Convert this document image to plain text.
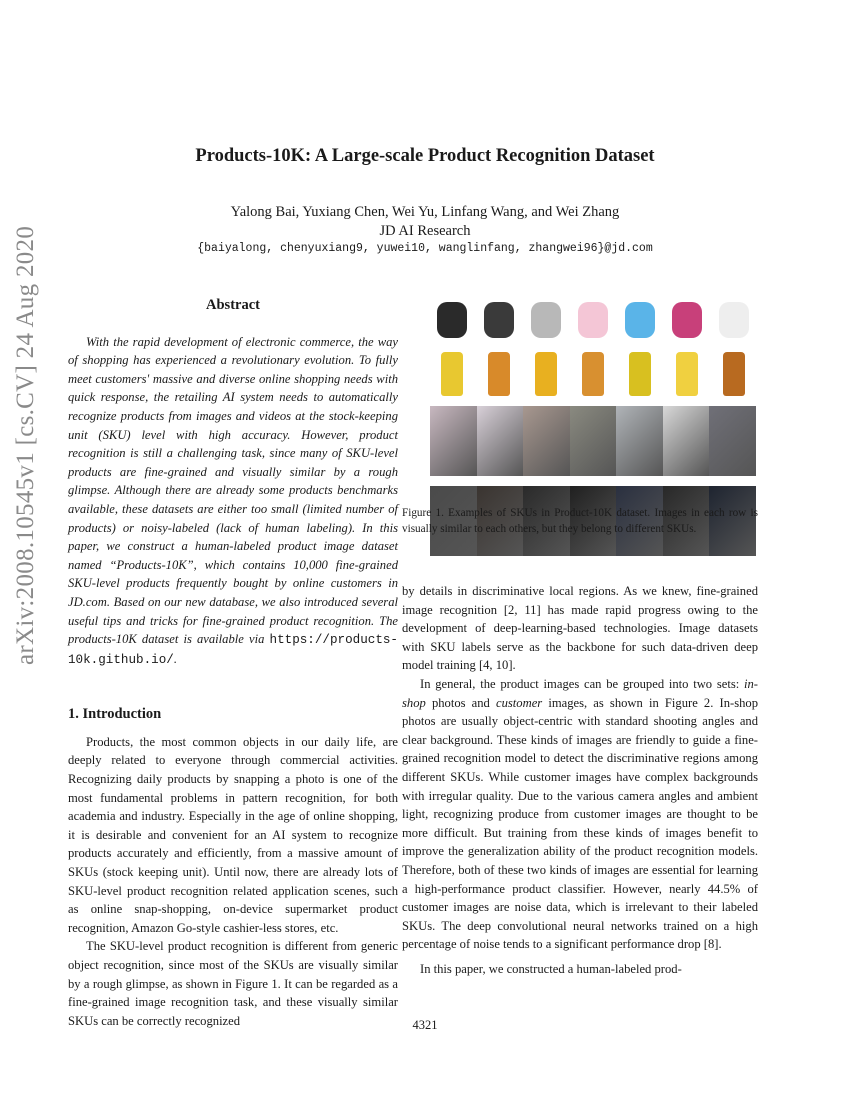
Products-10K: A Large-scale Product Recognition Dataset
Yalong Bai, Yuxiang Chen, Wei Yu, Linfang Wang, and Wei Zhang
JD AI Research
{baiyalong, chenyuxiang9, yuwei10, wanglinfang, zhangwei96}@jd.com
arXiv:2008.10545v1 [cs.CV] 24 Aug 2020	Abstract

With the rapid development of electronic commerce, the way of shopping has experienced a revolutionary evolution. To fully meet customers' massive and diverse online shopping needs with quick response, the retailing AI system needs to automatically recognize products from images and videos at the stock-keeping unit (SKU) level with high accuracy. However, product recognition is still a challenging task, since many of SKU-level products are fine-grained and visually similar by a rough glimpse. Although there are already some products benchmarks available, these datasets are either too small (limited number of products) or noisy-labeled (lack of human labeling). In this paper, we construct a human-labeled product image dataset named “Products-10K”, which contains 10,000 fine-grained SKU-level products frequently bought by online customers in JD.com. Based on our new database, we also introduced several useful tips and tricks for fine-grained product recognition. The products-10K dataset is available via https://products-10k.github.io/.

1. Introduction

Products, the most common objects in our daily life, are deeply related to everyone through commercial activities. Recognizing daily products by snapping a photo is one of the most fundamental problems in pattern recognition, for both academia and industry. Especially in the age of online shopping, it is desirable and convenient for an AI system to recognize products accurately and efficiently, from a massive amount of SKUs (stock keeping unit). Until now, there are already lots of SKU-level product recognition related application scenes, such as online snap-shopping, on-device supermarket product recognition, Amazon Go-style cashier-less stores, etc.

The SKU-level product recognition is different from generic object recognition, since most of the SKUs are visually similar by a rough glimpse, as shown in Figure 1. It can be regarded as a fine-grained image recognition task, and these visually similar SKUs can be correctly recognized

Figure 1. Examples of SKUs in Product-10K dataset. Images in each row is visually similar to each others, but they belong to different SKUs.

by details in discriminative local regions. As we knew, fine-grained image recognition [2, 11] has made rapid progress owing to the development of deep-learning-based technologies. Image datasets with SKU labels serve as the backbone for such data-driven deep model training [4, 10].

In general, the product images can be grouped into two sets: in-shop photos and customer images, as shown in Figure 2. In-shop photos are usually object-centric with standard shooting angles and clear background. These kinds of images are friendly to guide a fine-grained recognition model to detect the discriminative regions among different SKUs. While customer images have complex backgrounds with irregular quality. Due to the various camera angles and ambient light, recognizing produce from customer images are thought to be more difficult. But training from these kinds of images benefit to improve the generalization ability of the product recognition models. Therefore, both of these two kinds of images are essential for learning a high-performance product classifier. However, nearly 44.5% of customer images are noise data, which is irrelevant to their labeled SKUs. The deep convolutional neural networks trained on a high percentage of noise tends to a significant performance drop [8].

In this paper, we constructed a human-labeled prod-

4321
